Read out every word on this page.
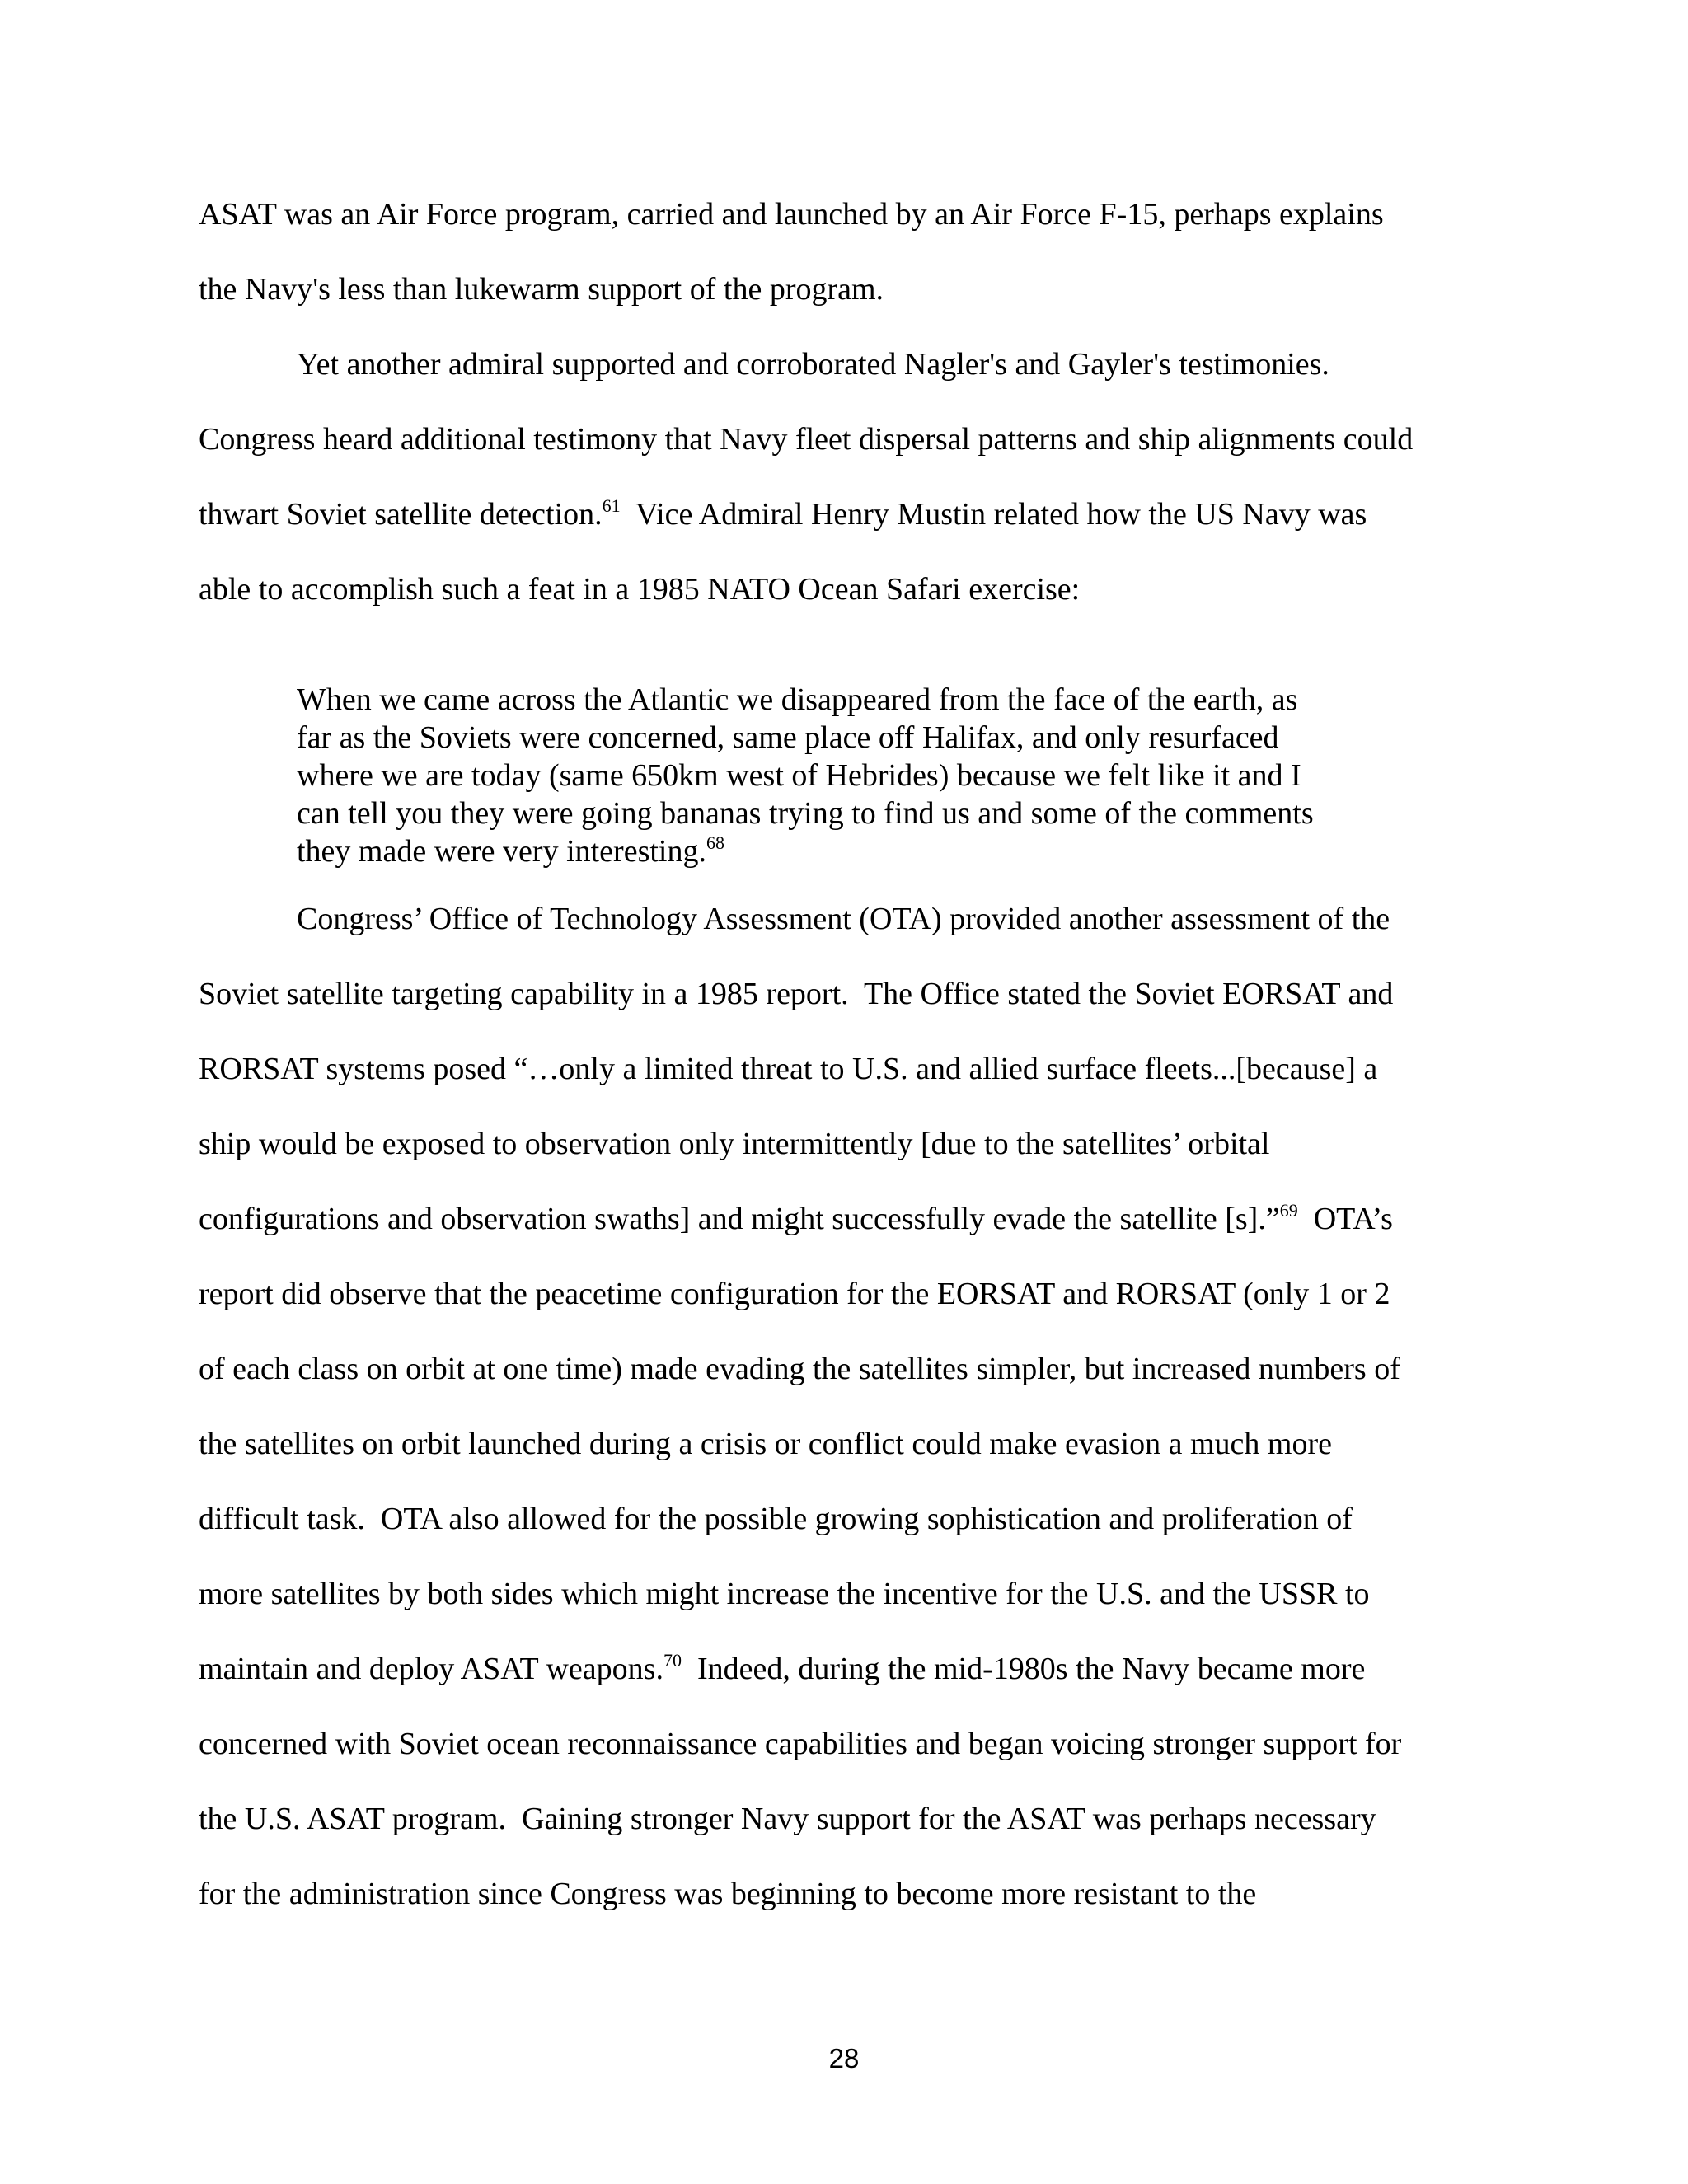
ASAT was an Air Force program, carried and launched by an Air Force F-15, perhaps explains
the Navy's less than lukewarm support of the program.
Yet another admiral supported and corroborated Nagler's and Gayler's testimonies.
Congress heard additional testimony that Navy fleet dispersal patterns and ship alignments could
thwart Soviet satellite detection.$^{61}$  Vice Admiral Henry Mustin related how the US Navy was
able to accomplish such a feat in a 1985 NATO Ocean Safari exercise:
When we came across the Atlantic we disappeared from the face of the earth, as
far as the Soviets were concerned, same place off Halifax, and only resurfaced
where we are today (same 650km west of Hebrides) because we felt like it and I
can tell you they were going bananas trying to find us and some of the comments
they made were very interesting.$^{68}$
Congress’ Office of Technology Assessment (OTA) provided another assessment of the
Soviet satellite targeting capability in a 1985 report.  The Office stated the Soviet EORSAT and
RORSAT systems posed “…only a limited threat to U.S. and allied surface fleets...[because] a
ship would be exposed to observation only intermittently [due to the satellites’ orbital
configurations and observation swaths] and might successfully evade the satellite [s].”$^{69}$  OTA’s
report did observe that the peacetime configuration for the EORSAT and RORSAT (only 1 or 2
of each class on orbit at one time) made evading the satellites simpler, but increased numbers of
the satellites on orbit launched during a crisis or conflict could make evasion a much more
difficult task.  OTA also allowed for the possible growing sophistication and proliferation of
more satellites by both sides which might increase the incentive for the U.S. and the USSR to
maintain and deploy ASAT weapons.$^{70}$  Indeed, during the mid-1980s the Navy became more
concerned with Soviet ocean reconnaissance capabilities and began voicing stronger support for
the U.S. ASAT program.  Gaining stronger Navy support for the ASAT was perhaps necessary
for the administration since Congress was beginning to become more resistant to the
28
